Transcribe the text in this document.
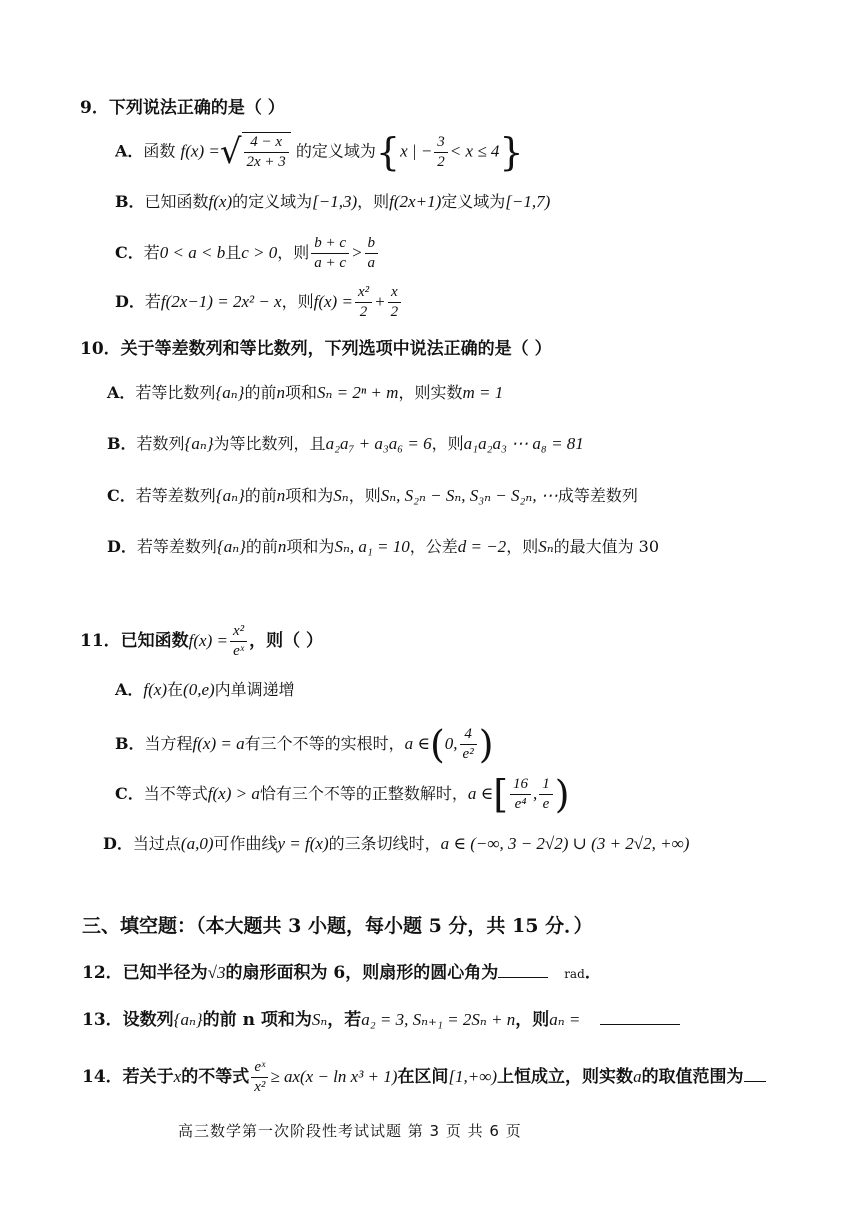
9．下列说法正确的是（ ）
A．函数 f(x) =√ $\frac{4 - x}{2x + 3}$ 的定义域为{x | − $\frac{3}{2} < x \le 4$}
B．已知函数f(x)的定义域为[−1,3)，则f(2x+1)定义域为[−1,7)
C．若0 < a < b且c > 0，则 $\frac{b + c}{a + c} > \frac{b}{a}$
D．若f(2x−1) = 2x² − x，则$f(x) = \frac{\text{x²}}{2} + \frac{x}{2}$
10．关于等差数列和等比数列，下列选项中说法正确的是（ ）
A．若等比数列{aₙ}的前n项和Sₙ = 2ⁿ + m，则实数m = 1
B．若数列{aₙ}为等比数列，且a₂a₇ + a₃a₆ = 6，则a₁a₂a₃ ⋯ a₈ = 81
C．若等差数列{aₙ}的前n项和为Sₙ，则Sₙ, S₂ₙ − Sₙ, S₃ₙ − S₂ₙ, ⋯成等差数列
D．若等差数列{aₙ}的前n项和为Sₙ, a₁ = 10，公差d = −2，则Sₙ的最大值为 30
11．已知函数$f(x) = \frac{\text{x²}}{\text{eˣ}}$ ，则（ ）
A．f(x)在(0,e)内单调递增
B．当方程f(x) = a有三个不等的实根时，a ∈(0, $\frac{4}{\text{e²}}$ )
C．当不等式f(x) > a恰有三个不等的正整数解时，a ∈[ $\frac{16}{\text{e⁴}}$ , $\frac{1}{e}$ )
D．当过点(a,0)可作曲线y = f(x)的三条切线时，a ∈ (−∞, 3 − 2√2) ∪ (3 + 2√2, +∞)
三、填空题：（本大题共 3 小题，每小题 5 分，共 15 分．）
12．已知半径为√3的扇形面积为 6，则扇形的圆心角为	rad．
13．设数列{aₙ}的前 n 项和为Sₙ，若a₂ = 3, Sₙ₊₁ = 2Sₙ + n，则aₙ =
14．若关于x的不等式 $\frac{\text{eˣ}}{\text{x²}} \ge ax(x - \ln x^3 + 1)$在区间[1,+∞)上恒成立，则实数a的取值范围为
高三数学第一次阶段性考试试题 第 3 页 共 6 页
